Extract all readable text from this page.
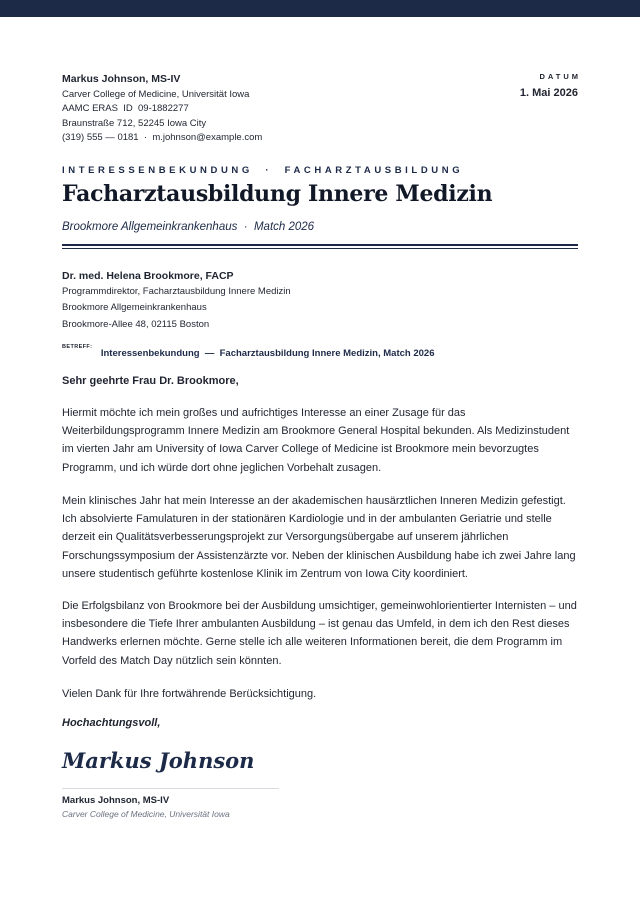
Markus Johnson, MS-IV
Carver College of Medicine, Universität Iowa
AAMC ERAS  ID  09-1882277
Braunstraße 712, 52245 Iowa City
(319) 555 — 0181 · m.johnson@example.com
DATUM
1. Mai 2026
INTERESSENBEKUNDUNG  ·  FACHARZTAUSBILDUNG
Facharztausbildung Innere Medizin
Brookmore Allgemeinkrankenhaus  ·  Match 2026
Dr. med. Helena Brookmore, FACP
Programmdirektor, Facharztausbildung Innere Medizin
Brookmore Allgemeinkrankenhaus
Brookmore-Allee 48, 02115 Boston
$^{BETREFF:}$ Interessenbekundung  —  Facharztausbildung Innere Medizin, Match 2026
Sehr geehrte Frau Dr. Brookmore,

Hiermit möchte ich mein großes und aufrichtiges Interesse an einer Zusage für das Weiterbildungsprogramm Innere Medizin am Brookmore General Hospital bekunden. Als Medizinstudent im vierten Jahr am University of Iowa Carver College of Medicine ist Brookmore mein bevorzugtes Programm, und ich würde dort ohne jeglichen Vorbehalt zusagen.

Mein klinisches Jahr hat mein Interesse an der akademischen hausärztlichen Inneren Medizin gefestigt. Ich absolvierte Famulaturen in der stationären Kardiologie und in der ambulanten Geriatrie und stelle derzeit ein Qualitätsverbesserungsprojekt zur Versorgungsübergabe auf unserem jährlichen Forschungssymposium der Assistenzärzte vor. Neben der klinischen Ausbildung habe ich zwei Jahre lang unsere studentisch geführte kostenlose Klinik im Zentrum von Iowa City koordiniert.

Die Erfolgsbilanz von Brookmore bei der Ausbildung umsichtiger, gemeinwohlorientierter Internisten – und insbesondere die Tiefe Ihrer ambulanten Ausbildung – ist genau das Umfeld, in dem ich den Rest dieses Handwerks erlernen möchte. Gerne stelle ich alle weiteren Informationen bereit, die dem Programm im Vorfeld des Match Day nützlich sein könnten.

Vielen Dank für Ihre fortwährende Berücksichtigung.

Hochachtungsvoll,
Markus Johnson
Markus Johnson, MS-IV
Carver College of Medicine, Universität Iowa
